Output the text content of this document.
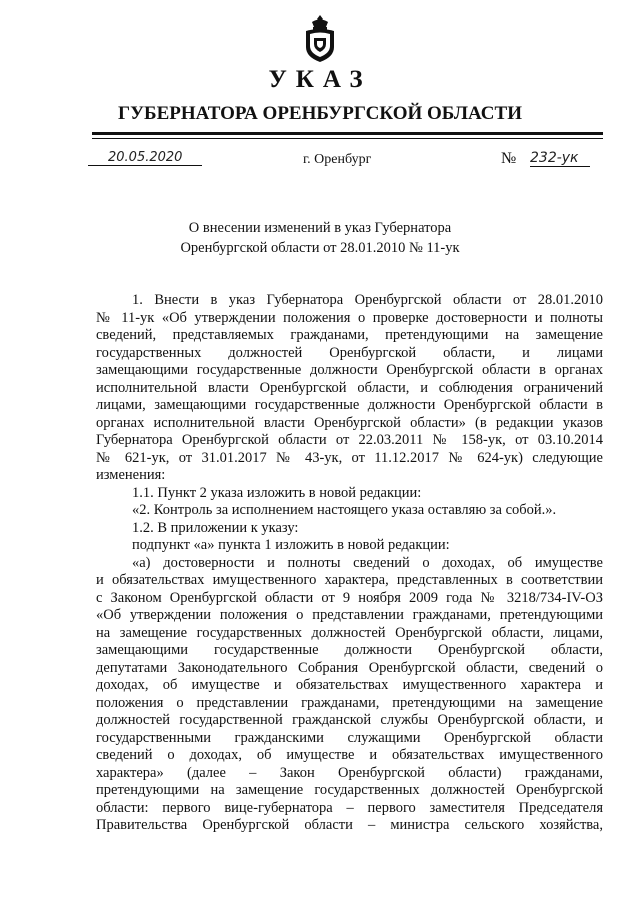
УКАЗ
ГУБЕРНАТОРА ОРЕНБУРГСКОЙ ОБЛАСТИ
20.05.2020	г. Оренбург	№ 232-ук
О внесении изменений в указ Губернатора
Оренбургской области от 28.01.2010 № 11-ук
1. Внести в указ Губернатора Оренбургской области от 28.01.2010
№ 11-ук «Об утверждении положения о проверке достоверности и полноты
сведений, представляемых гражданами, претендующими на замещение
государственных должностей Оренбургской области, и лицами
замещающими государственные должности Оренбургской области в органах
исполнительной власти Оренбургской области, и соблюдения ограничений
лицами, замещающими государственные должности Оренбургской области в
органах исполнительной власти Оренбургской области» (в редакции указов
Губернатора Оренбургской области от 22.03.2011 № 158-ук, от 03.10.2014
№ 621-ук, от 31.01.2017 № 43-ук, от 11.12.2017 № 624-ук) следующие
изменения:
1.1. Пункт 2 указа изложить в новой редакции:
«2. Контроль за исполнением настоящего указа оставляю за собой.».
1.2. В приложении к указу:
подпункт «а» пункта 1 изложить в новой редакции:
«а) достоверности и полноты сведений о доходах, об имуществе
и обязательствах имущественного характера, представленных в соответствии
с Законом Оренбургской области от 9 ноября 2009 года № 3218/734-IV-ОЗ
«Об утверждении положения о представлении гражданами, претендующими
на замещение государственных должностей Оренбургской области, лицами,
замещающими государственные должности Оренбургской области,
депутатами Законодательного Собрания Оренбургской области, сведений о
доходах, об имуществе и обязательствах имущественного характера и
положения о представлении гражданами, претендующими на замещение
должностей государственной гражданской службы Оренбургской области, и
государственными гражданскими служащими Оренбургской области
сведений о доходах, об имуществе и обязательствах имущественного
характера» (далее – Закон Оренбургской области) гражданами,
претендующими на замещение государственных должностей Оренбургской
области: первого вице-губернатора – первого заместителя Председателя
Правительства Оренбургской области – министра сельского хозяйства,
